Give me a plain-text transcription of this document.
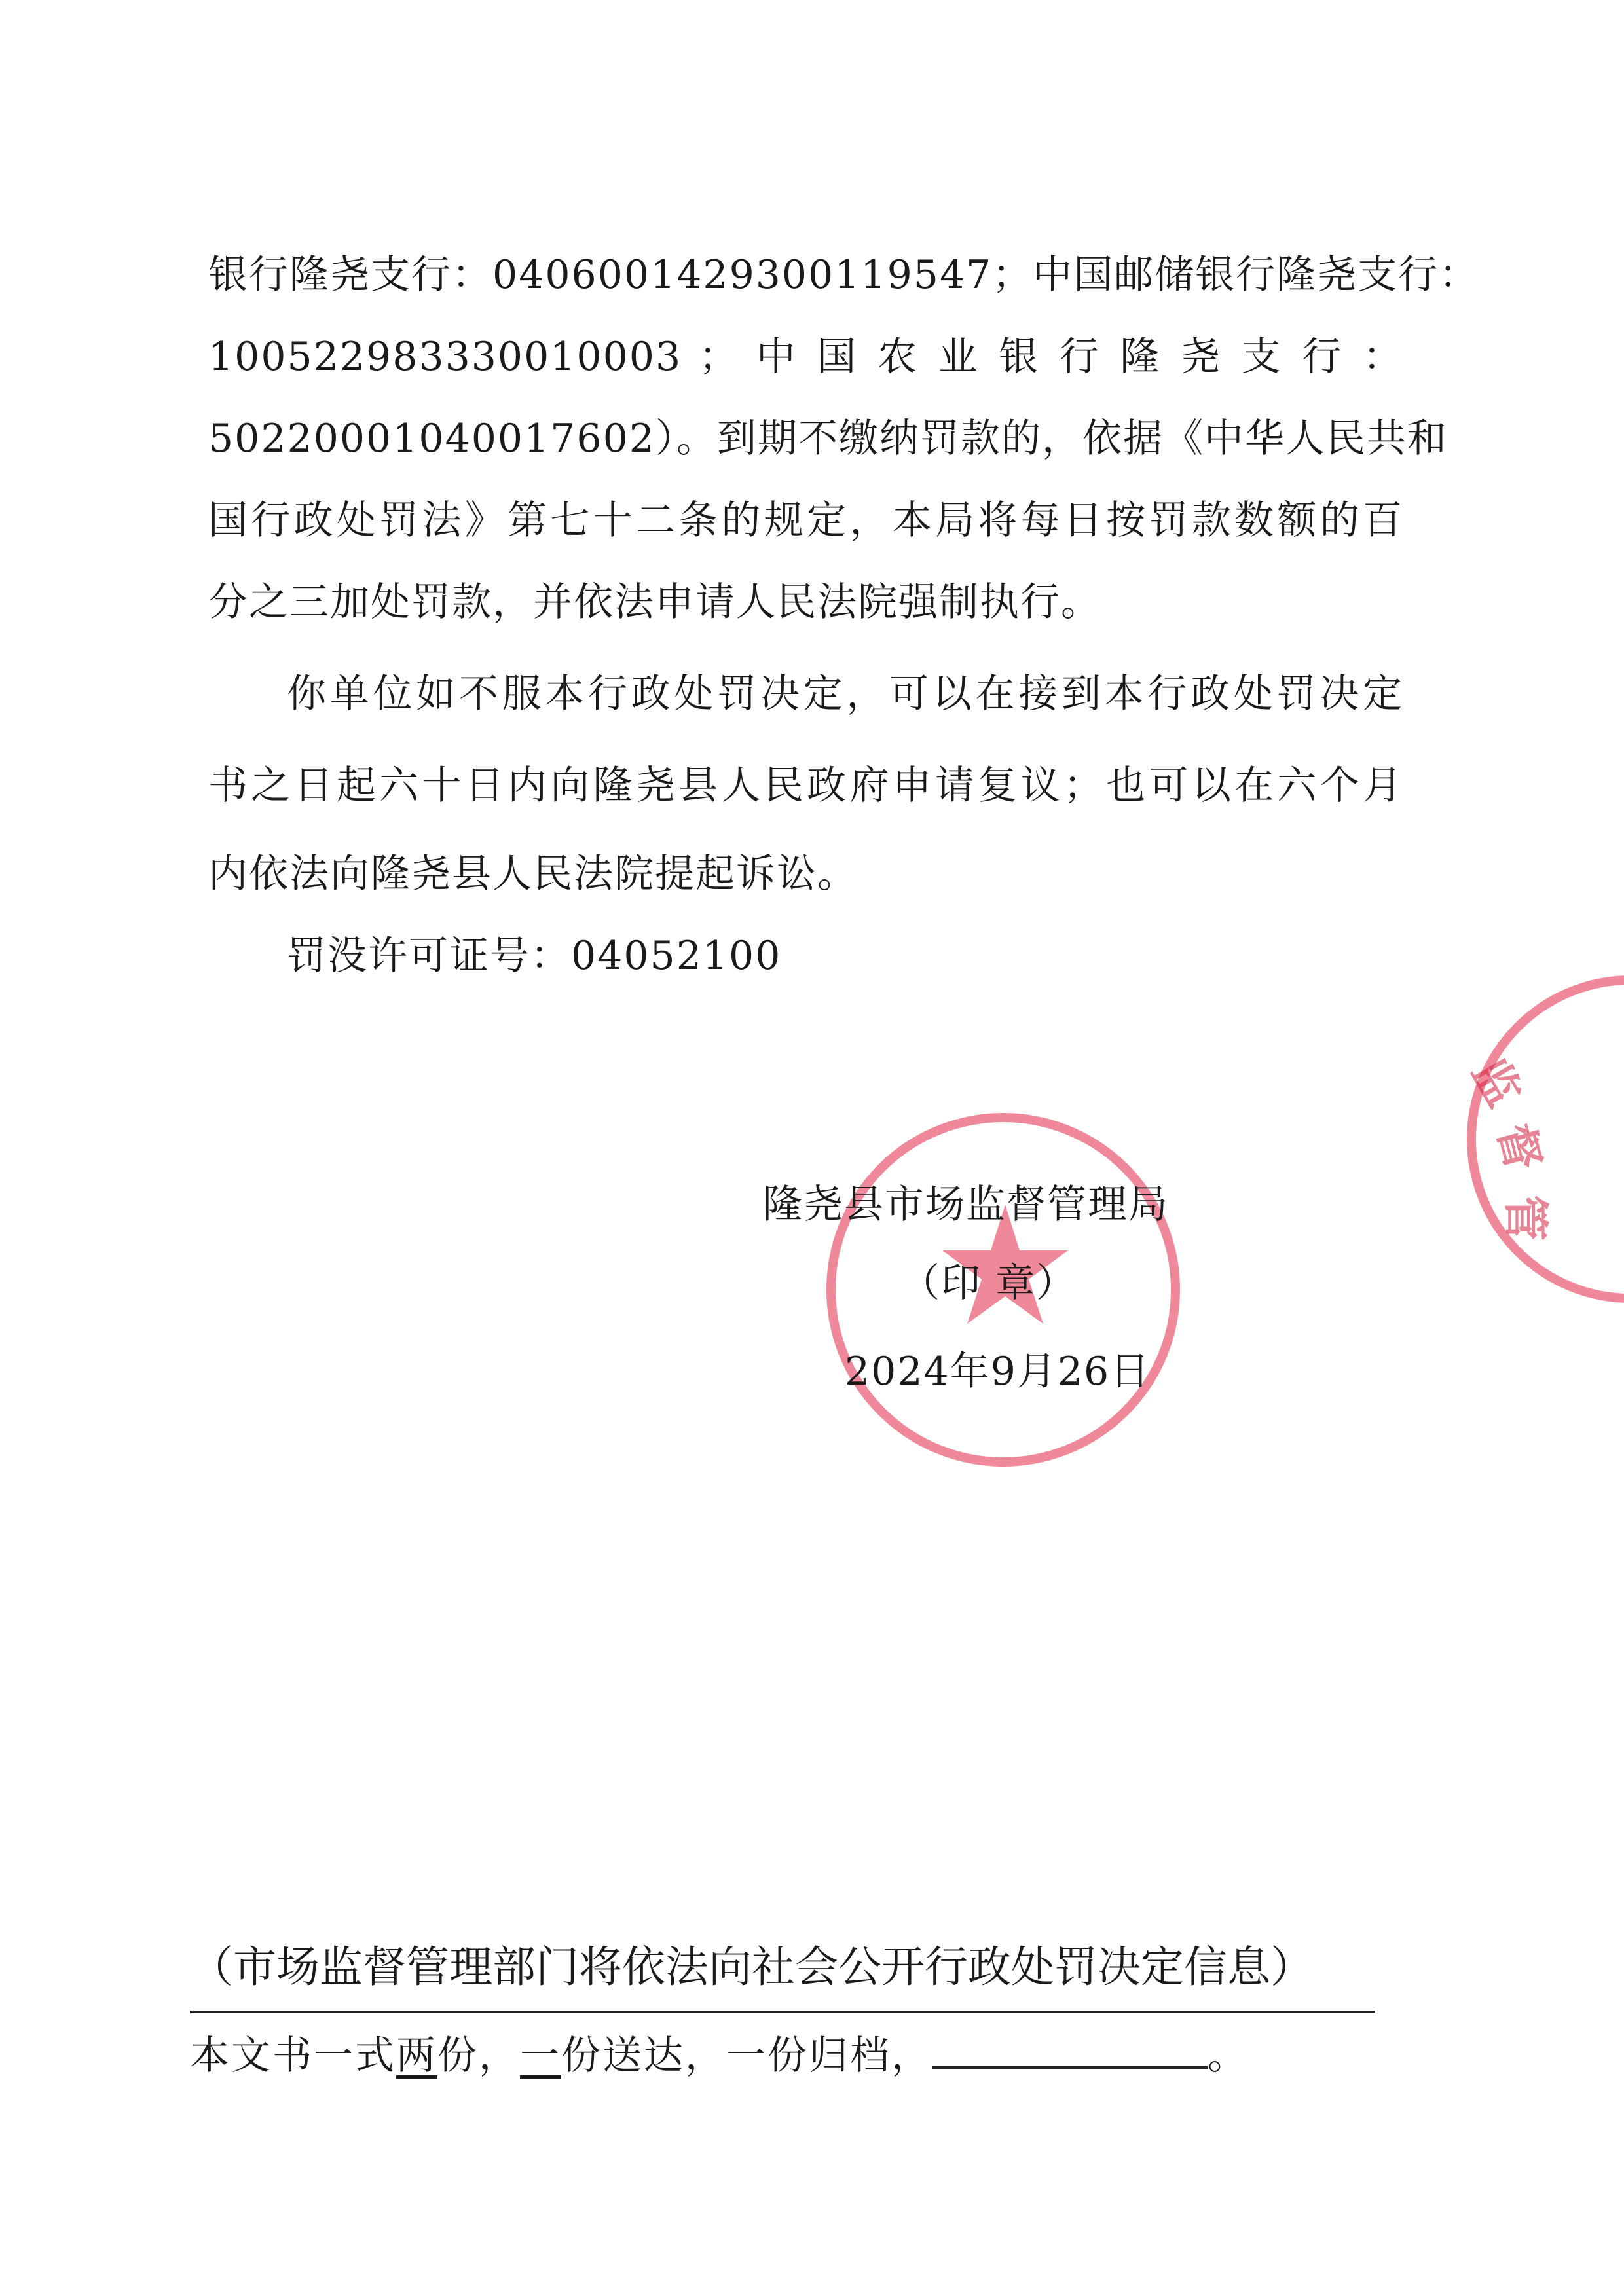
银行隆尧支行：040600142930011954​7；中国邮储银行隆尧支行：
10052298333001000​3 ； 中 国 农 业 银 行 隆 尧 支 行 ：
50220001040017602）。到期不缴纳罚款的，依据《中华人民共和
国行政处罚法》第七十二条的规定，本局将每日按罚款数额的百
分之三加处罚款，并依法申请人民法院强制执行。
你单位如不服本行政处罚决定，可以在接到本行政处罚决定
书之日起六十日内向隆尧县人民政府申请复议；也可以在六个月
内依法向隆尧县人民法院提起诉讼。
罚没许可证号：04052100
监
督
管
隆尧县市场监督管理局
（印 章）
2024年9月26日
（市场监督管理部门将依法向社会公开行政处罚决定信息）
本文书一式两份，一份送达，一份归档，	。
